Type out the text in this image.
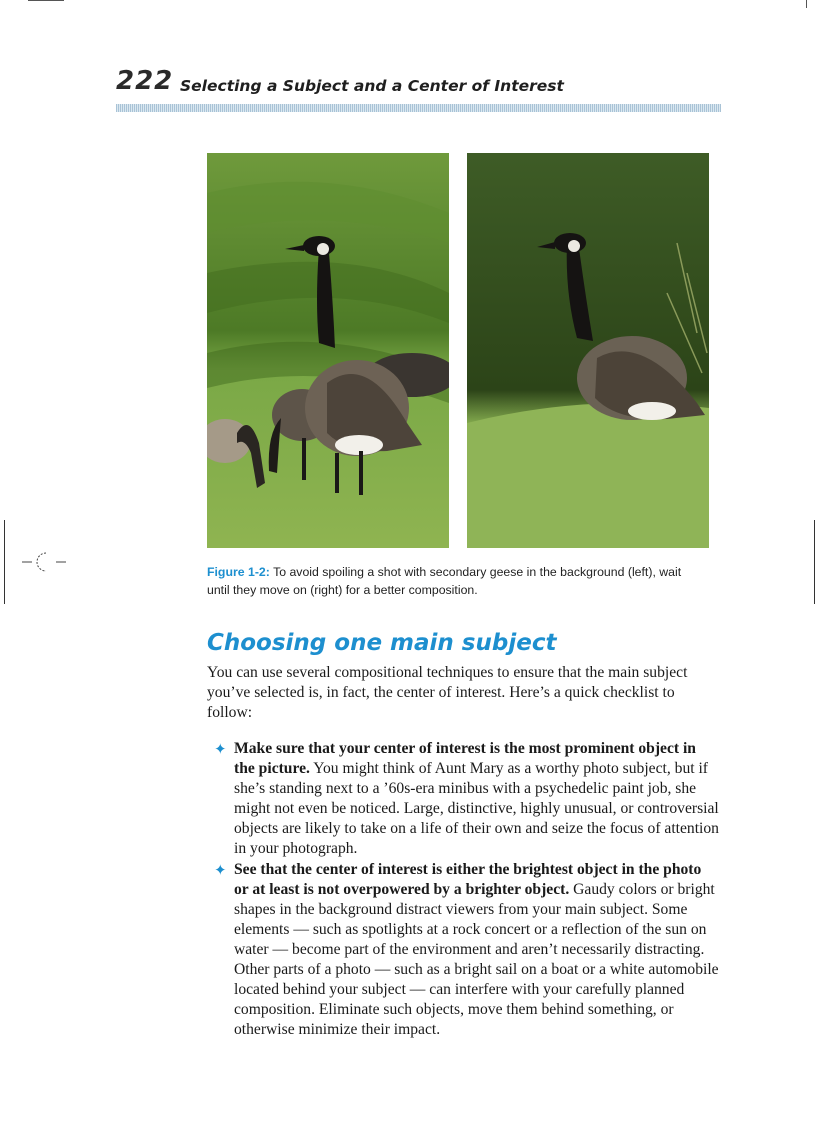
222 Selecting a Subject and a Center of Interest
Figure 1-2: To avoid spoiling a shot with secondary geese in the background (left), wait until they move on (right) for a better composition.
Choosing one main subject
You can use several compositional techniques to ensure that the main subject you’ve selected is, in fact, the center of interest. Here’s a quick checklist to follow:
✦ Make sure that your center of interest is the most prominent object in the picture. You might think of Aunt Mary as a worthy photo subject, but if she’s standing next to a ’60s-era minibus with a psychedelic paint job, she might not even be noticed. Large, distinctive, highly unusual, or controversial objects are likely to take on a life of their own and seize the focus of attention in your photograph.
✦ See that the center of interest is either the brightest object in the photo or at least is not overpowered by a brighter object. Gaudy colors or bright shapes in the background distract viewers from your main subject. Some elements — such as spotlights at a rock concert or a reflection of the sun on water — become part of the environment and aren’t necessarily distracting. Other parts of a photo — such as a bright sail on a boat or a white automobile located behind your subject — can interfere with your carefully planned composition. Eliminate such objects, move them behind something, or otherwise minimize their impact.
